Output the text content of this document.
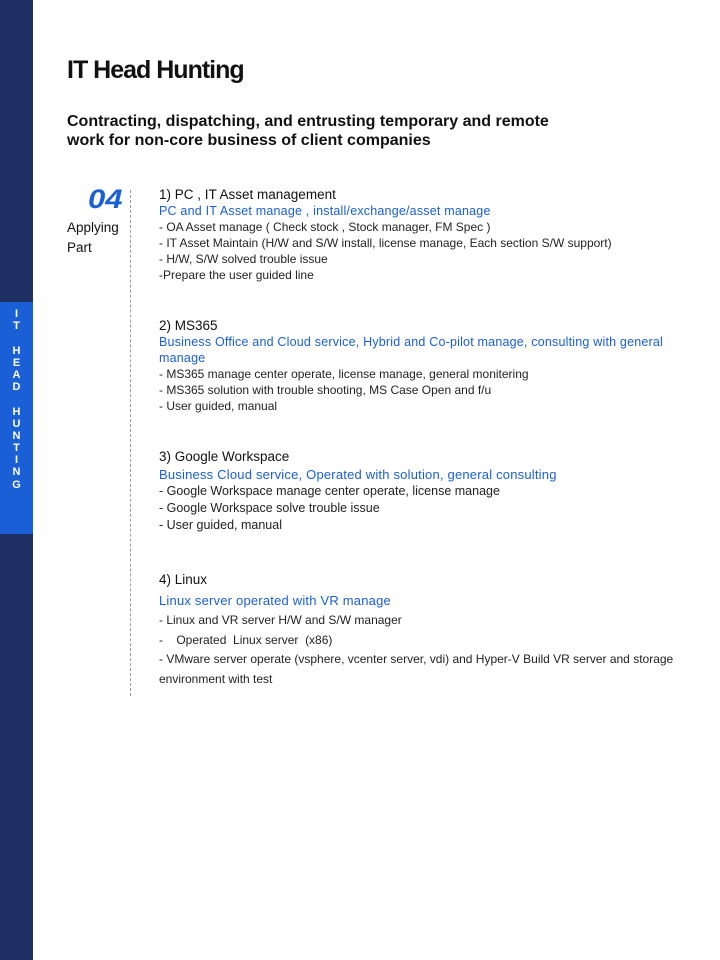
I
T
H
E
A
D
H
U
N
T
I
N
G
IT Head Hunting

Contracting, dispatching, and entrusting temporary and remote work for non-core business of client companies

04
Applying Part
1) PC , IT Asset management
PC and IT Asset manage , install/exchange/asset manage
- OA Asset manage ( Check stock , Stock manager, FM Spec )
- IT Asset Maintain (H/W and S/W install, license manage, Each section S/W support)
- H/W, S/W solved trouble issue
-Prepare the user guided line
2) MS365
Business Office and Cloud service, Hybrid and Co-pilot manage, consulting with general manage
- MS365 manage center operate, license manage, general monitering
- MS365 solution with trouble shooting, MS Case Open and f/u
- User guided, manual
3) Google Workspace
Business Cloud service, Operated with solution, general consulting
- Google Workspace manage center operate, license manage
- Google Workspace solve trouble issue
- User guided, manual
4) Linux
Linux server operated with VR manage
- Linux and VR server H/W and S/W manager
-    Operated  Linux server  (x86)
- VMware server operate (vsphere, vcenter server, vdi) and Hyper-V Build VR server and storage environment with test
